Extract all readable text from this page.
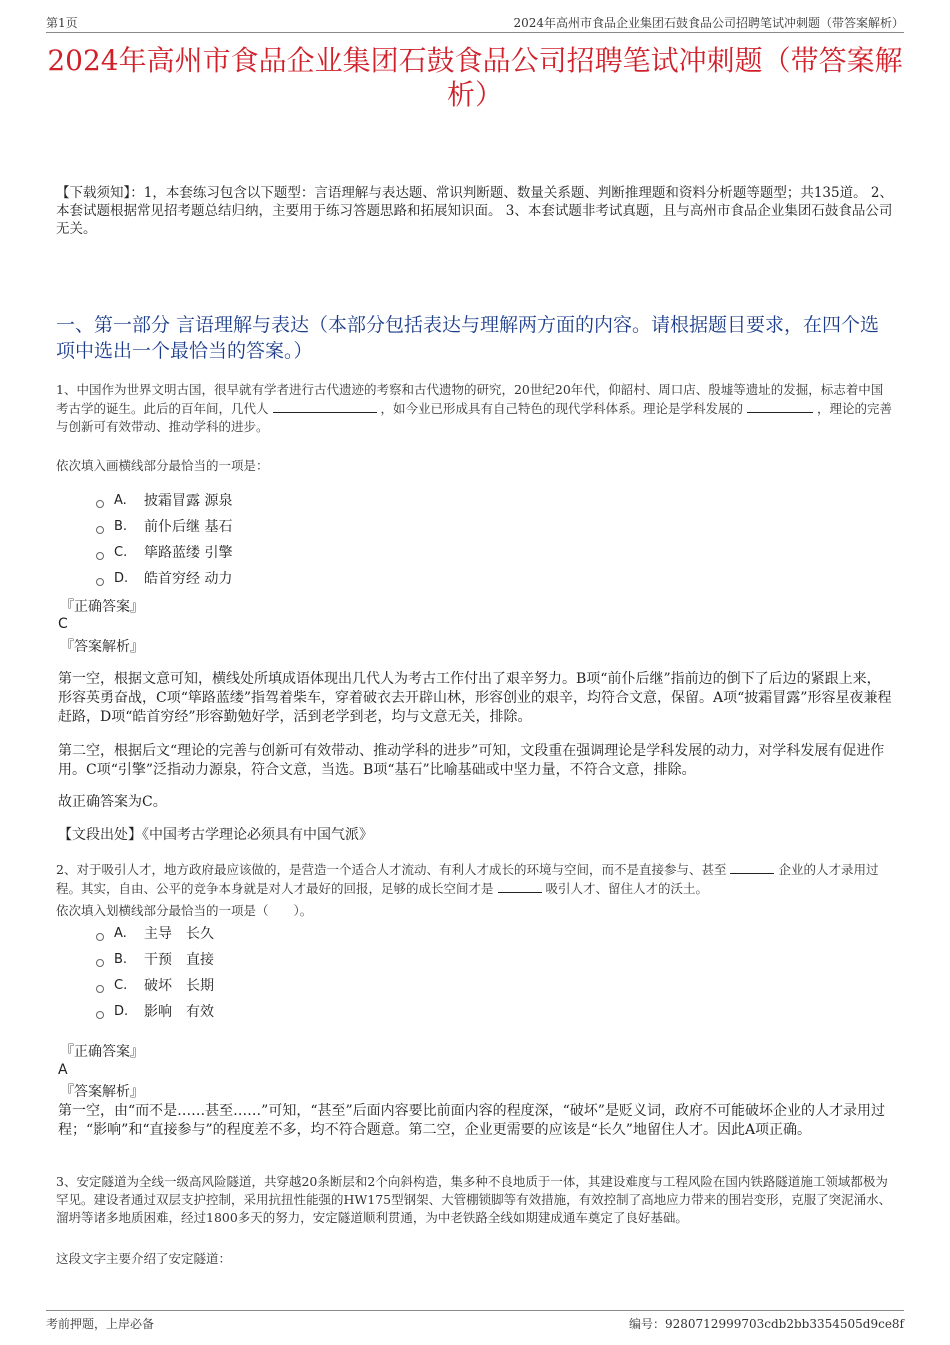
第1页	2024年高州市食品企业集团石鼓食品公司招聘笔试冲刺题（带答案解析）
2024年高州市食品企业集团石鼓食品公司招聘笔试冲刺题（带答案解析）
【下载须知】：1，本套练习包含以下题型：言语理解与表达题、常识判断题、数量关系题、判断推理题和资料分析题等题型；共135道。 2、本套试题根据常见招考题总结归纳，主要用于练习答题思路和拓展知识面。 3、本套试题非考试真题，且与高州市食品企业集团石鼓食品公司无关。
一、第一部分 言语理解与表达（本部分包括表达与理解两方面的内容。请根据题目要求，在四个选项中选出一个最恰当的答案。）
1、中国作为世界文明古国，很早就有学者进行古代遗迹的考察和古代遗物的研究，20世纪20年代，仰韶村、周口店、殷墟等遗址的发掘，标志着中国考古学的诞生。此后的百年间，几代人	，如今业已形成具有自己特色的现代学科体系。理论是学科发展的	，理论的完善与创新可有效带动、推动学科的进步。
依次填入画横线部分最恰当的一项是：
A.	披霜冒露 源泉
B.	前仆后继 基石
C.	筚路蓝缕 引擎
D.	皓首穷经 动力
『正确答案』
C
『答案解析』
第一空，根据文意可知，横线处所填成语体现出几代人为考古工作付出了艰辛努力。B项“前仆后继”指前边的倒下了后边的紧跟上来，形容英勇奋战，C项“筚路蓝缕”指驾着柴车，穿着破衣去开辟山林，形容创业的艰辛，均符合文意，保留。A项“披霜冒露”形容星夜兼程赶路，D项“皓首穷经”形容勤勉好学，活到老学到老，均与文意无关，排除。
第二空，根据后文“理论的完善与创新可有效带动、推动学科的进步”可知，文段重在强调理论是学科发展的动力，对学科发展有促进作用。C项“引擎”泛指动力源泉，符合文意，当选。B项“基石”比喻基础或中坚力量，不符合文意，排除。
故正确答案为C。
【文段出处】《中国考古学理论必须具有中国气派》
2、对于吸引人才，地方政府最应该做的，是营造一个适合人才流动、有利人才成长的环境与空间，而不是直接参与、甚至	企业的人才录用过程。其实，自由、公平的竞争本身就是对人才最好的回报，足够的成长空间才是	吸引人才、留住人才的沃土。
依次填入划横线部分最恰当的一项是（　　）。
A.	主导　长久
B.	干预　直接
C.	破坏　长期
D.	影响　有效
『正确答案』
A
『答案解析』
第一空，由“而不是……甚至……”可知，“甚至”后面内容要比前面内容的程度深，“破坏”是贬义词，政府不可能破坏企业的人才录用过程；“影响”和“直接参与”的程度差不多，均不符合题意。第二空，企业更需要的应该是“长久”地留住人才。因此A项正确。
3、安定隧道为全线一级高风险隧道，共穿越20条断层和2个向斜构造，集多种不良地质于一体，其建设难度与工程风险在国内铁路隧道施工领域都极为罕见。建设者通过双层支护控制，采用抗扭性能强的HW175型钢架、大管棚锁脚等有效措施，有效控制了高地应力带来的围岩变形，克服了突泥涌水、溜坍等诸多地质困难，经过1800多天的努力，安定隧道顺利贯通，为中老铁路全线如期建成通车奠定了良好基础。
这段文字主要介绍了安定隧道：
考前押题，上岸必备	编号：9280712999703cdb2bb3354505d9ce8f
